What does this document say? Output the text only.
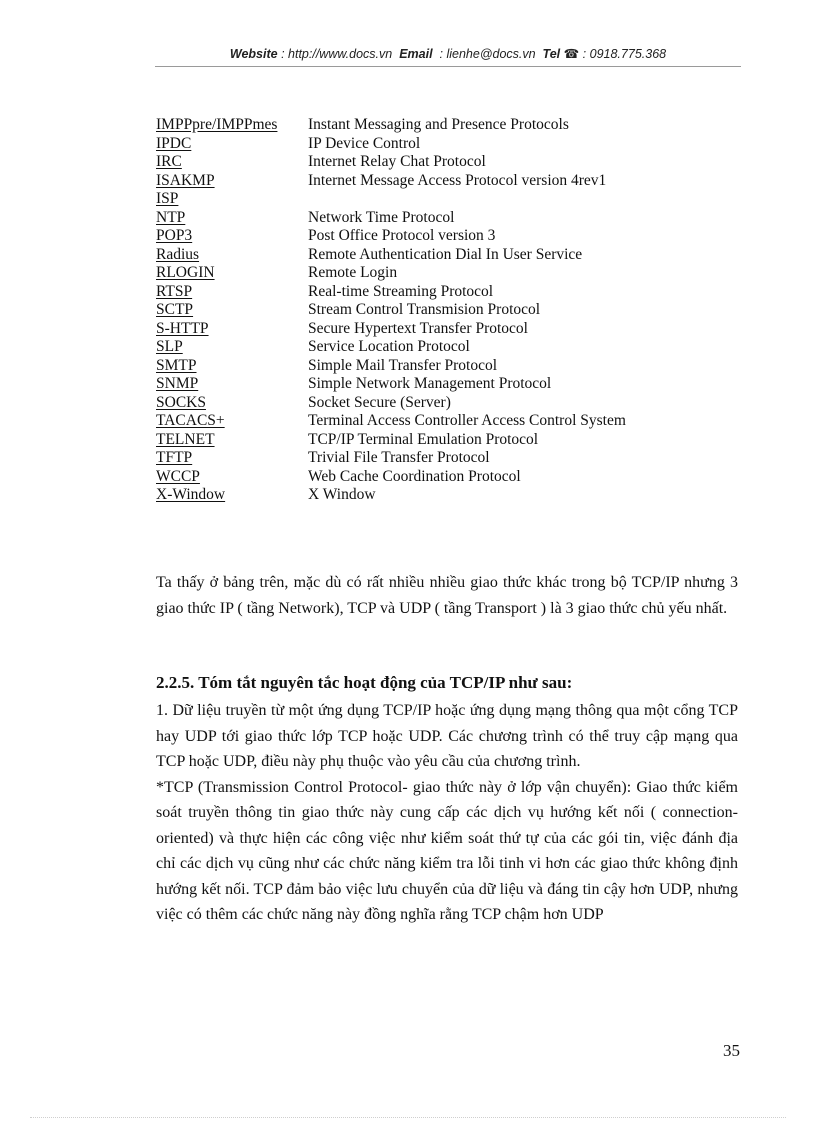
Website : http://www.docs.vn Email : lienhe@docs.vn Tel ☎ : 0918.775.368
IMPPpre/IMPPmes	Instant Messaging and Presence Protocols
IPDC	IP Device Control
IRC	Internet Relay Chat Protocol
ISAKMP	Internet Message Access Protocol version 4rev1
ISP	
NTP	Network Time Protocol
POP3	Post Office Protocol version 3
Radius	Remote Authentication Dial In User Service
RLOGIN	Remote Login
RTSP	Real-time Streaming Protocol
SCTP	Stream Control Transmision Protocol
S-HTTP	Secure Hypertext Transfer Protocol
SLP	Service Location Protocol
SMTP	Simple Mail Transfer Protocol
SNMP	Simple Network Management Protocol
SOCKS	Socket Secure (Server)
TACACS+	Terminal Access Controller Access Control System
TELNET	TCP/IP Terminal Emulation Protocol
TFTP	Trivial File Transfer Protocol
WCCP	Web Cache Coordination Protocol
X-Window	X Window

Ta thấy ở bảng trên, mặc dù có rất nhiều nhiều giao thức khác trong bộ TCP/IP nhưng 3 giao thức IP ( tầng Network), TCP và UDP ( tầng Transport ) là 3 giao thức chủ yếu nhất.

2.2.5. Tóm tắt nguyên tắc hoạt động của TCP/IP như sau:

1. Dữ liệu truyền từ một ứng dụng TCP/IP hoặc ứng dụng mạng thông qua một cổng TCP hay UDP tới giao thức lớp TCP hoặc UDP. Các chương trình có thể truy cập mạng qua TCP hoặc UDP, điều này phụ thuộc vào yêu cầu của chương trình.

*TCP (Transmission Control Protocol- giao thức này ở lớp vận chuyển): Giao thức kiểm soát truyền thông tin giao thức này cung cấp các dịch vụ hướng kết nối ( connection-oriented) và thực hiện các công việc như kiểm soát thứ tự của các gói tin, việc đánh địa chỉ các dịch vụ cũng như các chức năng kiểm tra lỗi tinh vi hơn các giao thức không định hướng kết nối. TCP đảm bảo việc lưu chuyển của dữ liệu và đáng tin cậy hơn UDP, nhưng việc có thêm các chức năng này đồng nghĩa rằng TCP chậm hơn UDP

35
